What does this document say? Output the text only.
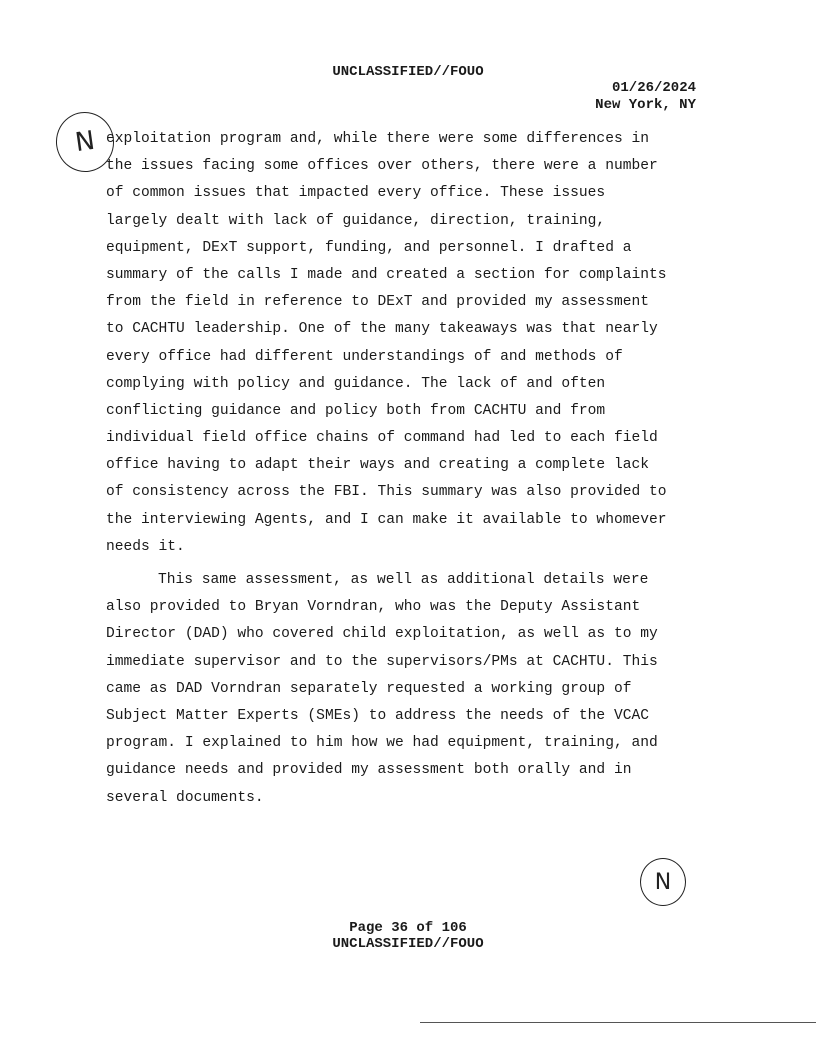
UNCLASSIFIED//FOUO
01/26/2024
New York, NY
N exploitation program and, while there were some differences in
the issues facing some offices over others, there were a number
of common issues that impacted every office. These issues
largely dealt with lack of guidance, direction, training,
equipment, DExT support, funding, and personnel. I drafted a
summary of the calls I made and created a section for complaints
from the field in reference to DExT and provided my assessment
to CACHTU leadership. One of the many takeaways was that nearly
every office had different understandings of and methods of
complying with policy and guidance. The lack of and often
conflicting guidance and policy both from CACHTU and from
individual field office chains of command had led to each field
office having to adapt their ways and creating a complete lack
of consistency across the FBI. This summary was also provided to
the interviewing Agents, and I can make it available to whomever
needs it.
This same assessment, as well as additional details were
also provided to Bryan Vorndran, who was the Deputy Assistant
Director (DAD) who covered child exploitation, as well as to my
immediate supervisor and to the supervisors/PMs at CACHTU. This
came as DAD Vorndran separately requested a working group of
Subject Matter Experts (SMEs) to address the needs of the VCAC
program. I explained to him how we had equipment, training, and
guidance needs and provided my assessment both orally and in
several documents.
N
Page 36 of 106
UNCLASSIFIED//FOUO
